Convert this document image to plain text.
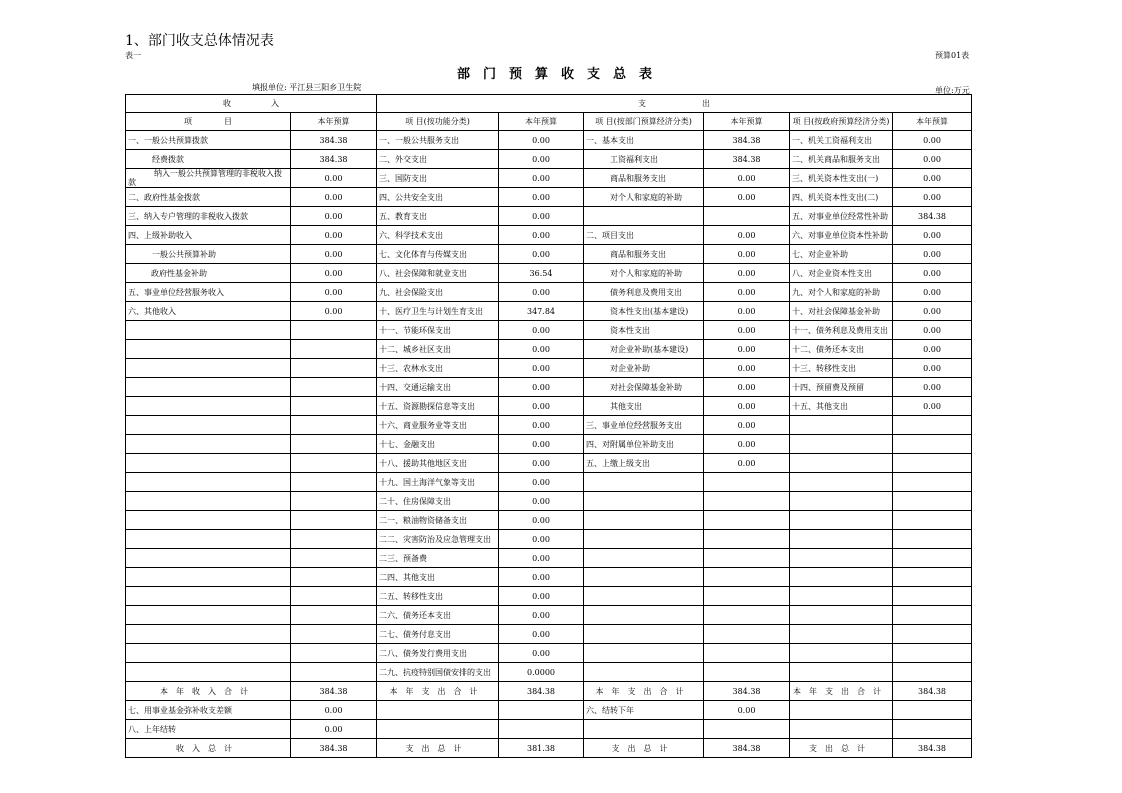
1、部门收支总体情况表
表一	预算01表
部门预算收支总表
填报单位: 平江县三阳乡卫生院	单位:万元
收　　　　　入		支　　　　　　　出					
项　　　　目	本年预算	项 目(按功能分类)	本年预算	项 目(按部门预算经济分类)	本年预算	项 目(按政府预算经济分类)	本年预算
一、一般公共预算拨款	384.38	一、一般公共服务支出	0.00	一、基本支出	384.38	一、机关工资福利支出	0.00
经费拨款	384.38	二、外交支出	0.00	工资福利支出	384.38	二、机关商品和服务支出	0.00

纳入一般公共预算管理的非税收入拨
款	0.00	三、国防支出	0.00	商品和服务支出	0.00	三、机关资本性支出(一)	0.00
二、政府性基金拨款	0.00	四、公共安全支出	0.00	对个人和家庭的补助	0.00	四、机关资本性支出(二)	0.00
三、纳入专户管理的非税收入拨款	0.00	五、教育支出	0.00			五、对事业单位经常性补助	384.38
四、上级补助收入	0.00	六、科学技术支出	0.00	二、项目支出	0.00	六、对事业单位资本性补助	0.00
一般公共预算补助	0.00	七、文化体育与传媒支出	0.00	商品和服务支出	0.00	七、对企业补助	0.00
政府性基金补助	0.00	八、社会保障和就业支出	36.54	对个人和家庭的补助	0.00	八、对企业资本性支出	0.00
五、事业单位经营服务收入	0.00	九、社会保险支出	0.00	债务利息及费用支出	0.00	九、对个人和家庭的补助	0.00
六、其他收入	0.00	十、医疗卫生与计划生育支出	347.84	资本性支出(基本建设)	0.00	十、对社会保障基金补助	0.00
		十一、节能环保支出	0.00	资本性支出	0.00	十一、债务利息及费用支出	0.00
		十二、城乡社区支出	0.00	对企业补助(基本建设)	0.00	十二、债务还本支出	0.00
		十三、农林水支出	0.00	对企业补助	0.00	十三、转移性支出	0.00
		十四、交通运输支出	0.00	对社会保障基金补助	0.00	十四、预留费及预留	0.00
		十五、资源勘探信息等支出	0.00	其他支出	0.00	十五、其他支出	0.00
		十六、商业服务业等支出	0.00	三、事业单位经营服务支出	0.00		
		十七、金融支出	0.00	四、对附属单位补助支出	0.00		
		十八、援助其他地区支出	0.00	五、上缴上级支出	0.00		
		十九、国土海洋气象等支出	0.00				
		二十、住房保障支出	0.00				
		二一、粮油物资储备支出	0.00				
		二二、灾害防治及应急管理支出	0.00				
		二三、预备费	0.00				
		二四、其他支出	0.00				
		二五、转移性支出	0.00				
		二六、债务还本支出	0.00				
		二七、债务付息支出	0.00				
		二八、债务发行费用支出	0.00				
		二九、抗疫特别国债安排的支出	0.0000				
本年收入合计	384.38	本年支出合计	384.38	本年支出合计	384.38	本年支出合计	384.38
七、用事业基金弥补收支差额	0.00			六、结转下年	0.00		
八、上年结转	0.00						
收入总计	384.38	支出总计	381.38	支出总计	384.38	支出总计	384.38
